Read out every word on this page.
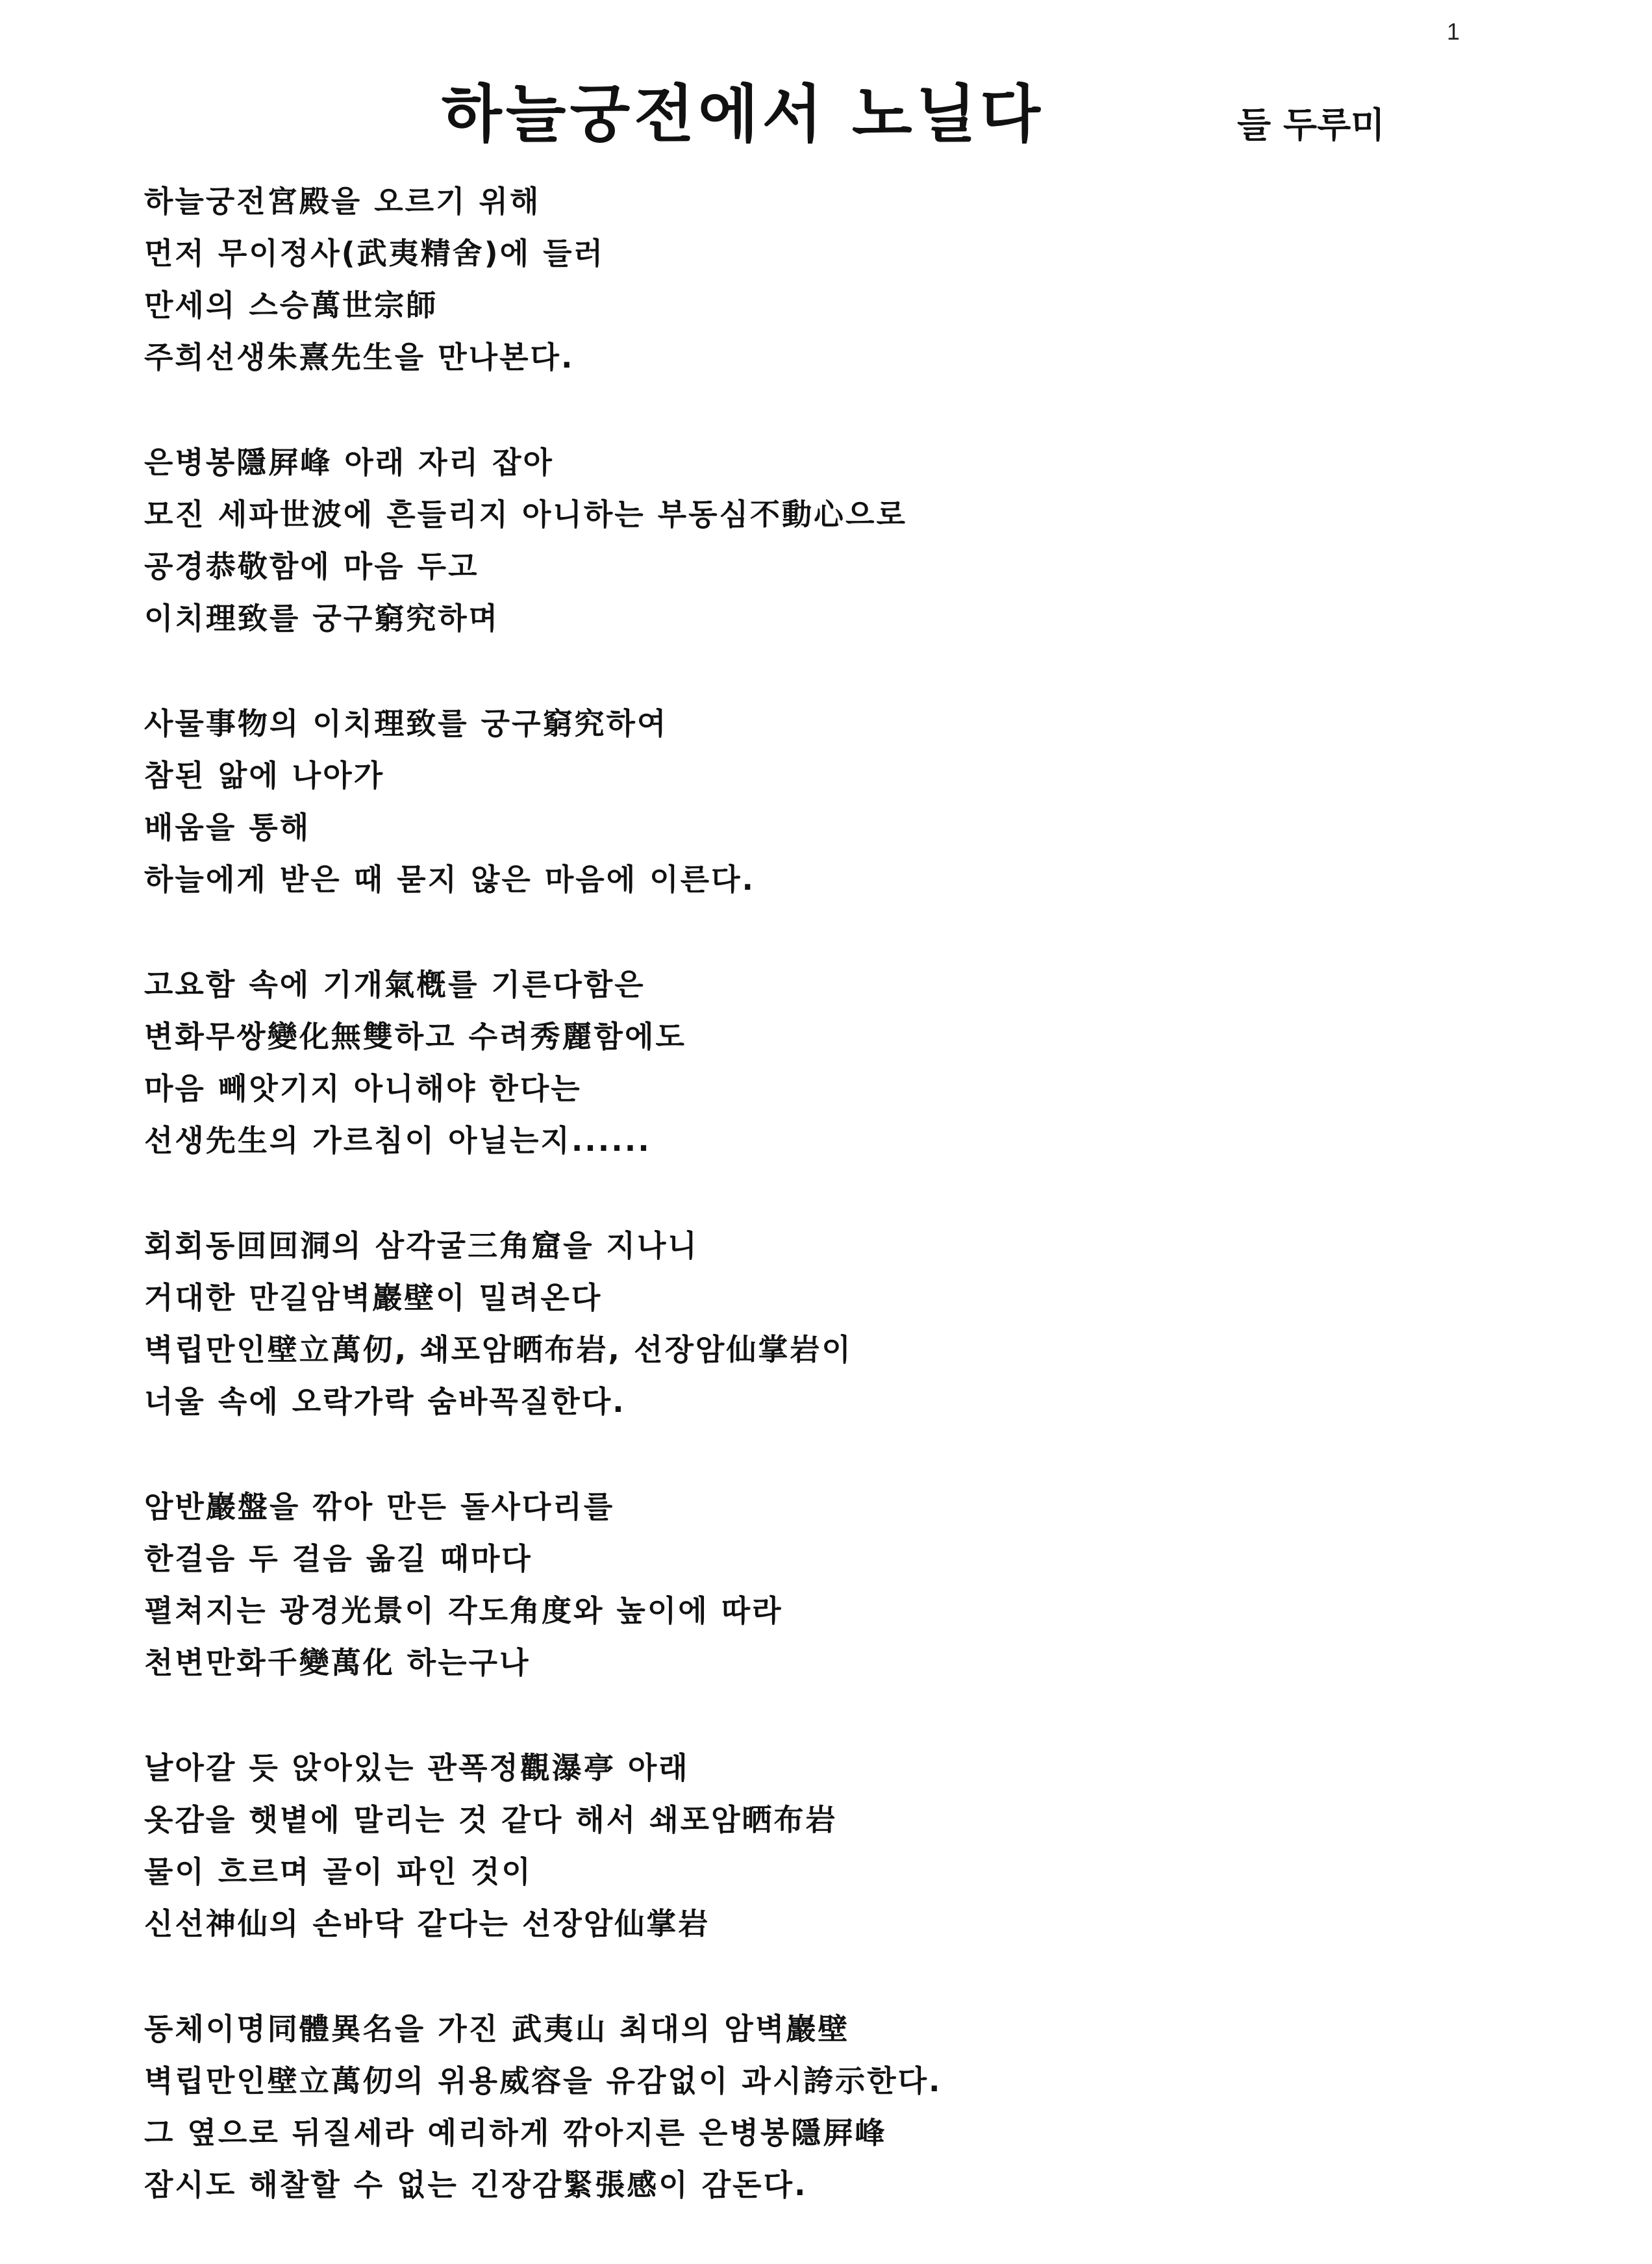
1
하늘궁전에서 노닐다	들 두루미
하늘궁전宮殿을 오르기 위해
먼저 무이정사(武夷精舍)에 들러
만세의 스승萬世宗師
주희선생朱熹先生을 만나본다.
은병봉隱屛峰 아래 자리 잡아
모진 세파世波에 흔들리지 아니하는 부동심不動心으로
공경恭敬함에 마음 두고
이치理致를 궁구窮究하며
사물事物의 이치理致를 궁구窮究하여
참된 앎에 나아가
배움을 통해
하늘에게 받은 때 묻지 않은 마음에 이른다.
고요함 속에 기개氣槪를 기른다함은
변화무쌍變化無雙하고 수려秀麗함에도
마음 빼앗기지 아니해야 한다는
선생先生의 가르침이 아닐는지......
회회동回回洞의 삼각굴三角窟을 지나니
거대한 만길암벽巖壁이 밀려온다
벽립만인壁立萬仞, 쇄포암晒布岩, 선장암仙掌岩이
너울 속에 오락가락 숨바꼭질한다.
암반巖盤을 깎아 만든 돌사다리를
한걸음 두 걸음 옮길 때마다
펼쳐지는 광경光景이 각도角度와 높이에 따라
천변만화千變萬化 하는구나
날아갈 듯 앉아있는 관폭정觀瀑亭 아래
옷감을 햇볕에 말리는 것 같다 해서 쇄포암晒布岩
물이 흐르며 골이 파인 것이
신선神仙의 손바닥 같다는 선장암仙掌岩
동체이명同體異名을 가진 武夷山 최대의 암벽巖壁
벽립만인壁立萬仞의 위용威容을 유감없이 과시誇示한다.
그 옆으로 뒤질세라 예리하게 깎아지른 은병봉隱屛峰
잠시도 해찰할 수 없는 긴장감緊張感이 감돈다.
